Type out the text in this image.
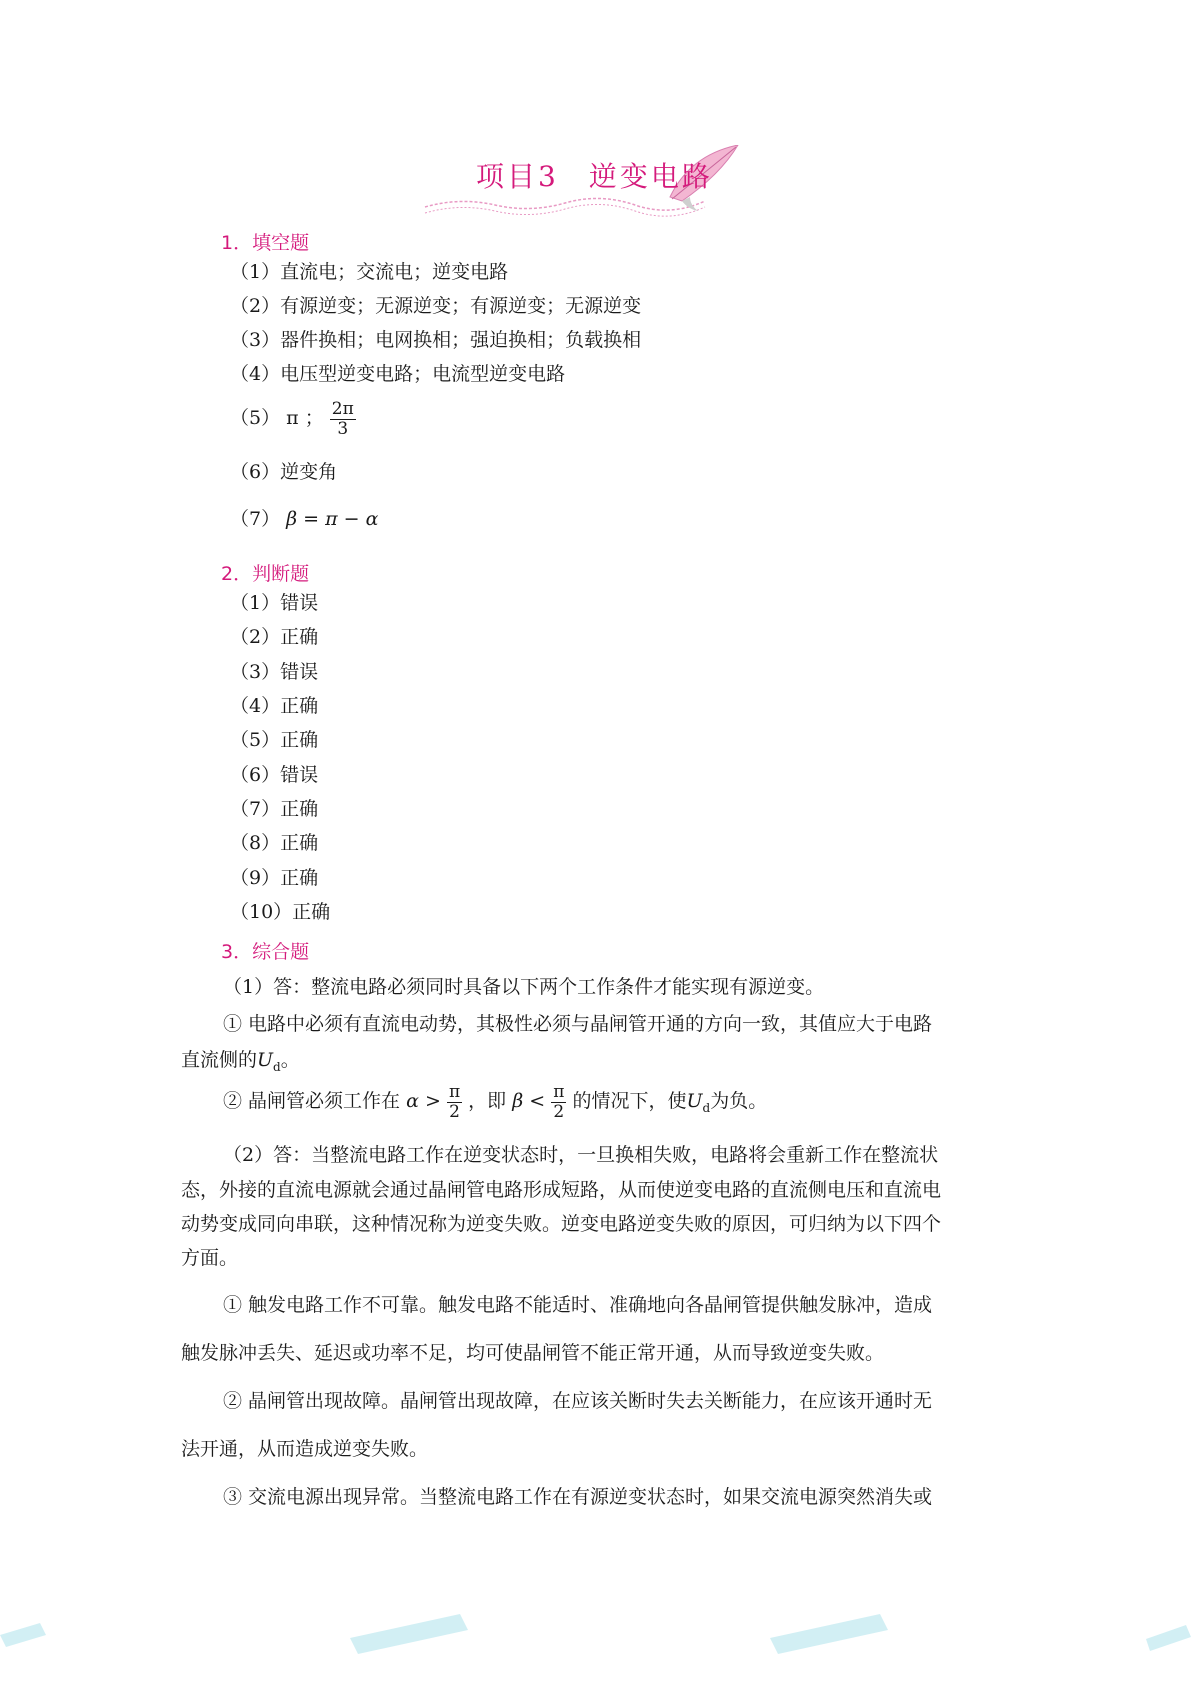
项目3 逆变电路
1．填空题
（1）直流电；交流电；逆变电路
（2）有源逆变；无源逆变；有源逆变；无源逆变
（3）器件换相；电网换相；强迫换相；负载换相
（4）电压型逆变电路；电流型逆变电路
（5） π ； $\frac{2\pi}{3}$
（6）逆变角
（7） β = π − α
2．判断题
（1）错误
（2）正确
（3）错误
（4）正确
（5）正确
（6）错误
（7）正确
（8）正确
（9）正确
（10）正确
3．综合题
（1）答：整流电路必须同时具备以下两个工作条件才能实现有源逆变。
① 电路中必须有直流电动势，其极性必须与晶闸管开通的方向一致，其值应大于电路
直流侧的$U_d$。
② 晶闸管必须工作在 $\alpha > \frac{\pi}{2}$ ，即 $\beta < \frac{\pi}{2}$ 的情况下，使$U_d$为负。
（2）答：当整流电路工作在逆变状态时，一旦换相失败，电路将会重新工作在整流状
态，外接的直流电源就会通过晶闸管电路形成短路，从而使逆变电路的直流侧电压和直流电
动势变成同向串联，这种情况称为逆变失败。逆变电路逆变失败的原因，可归纳为以下四个
方面。
① 触发电路工作不可靠。触发电路不能适时、准确地向各晶闸管提供触发脉冲，造成
触发脉冲丢失、延迟或功率不足，均可使晶闸管不能正常开通，从而导致逆变失败。
② 晶闸管出现故障。晶闸管出现故障，在应该关断时失去关断能力，在应该开通时无
法开通，从而造成逆变失败。
③ 交流电源出现异常。当整流电路工作在有源逆变状态时，如果交流电源突然消失或
